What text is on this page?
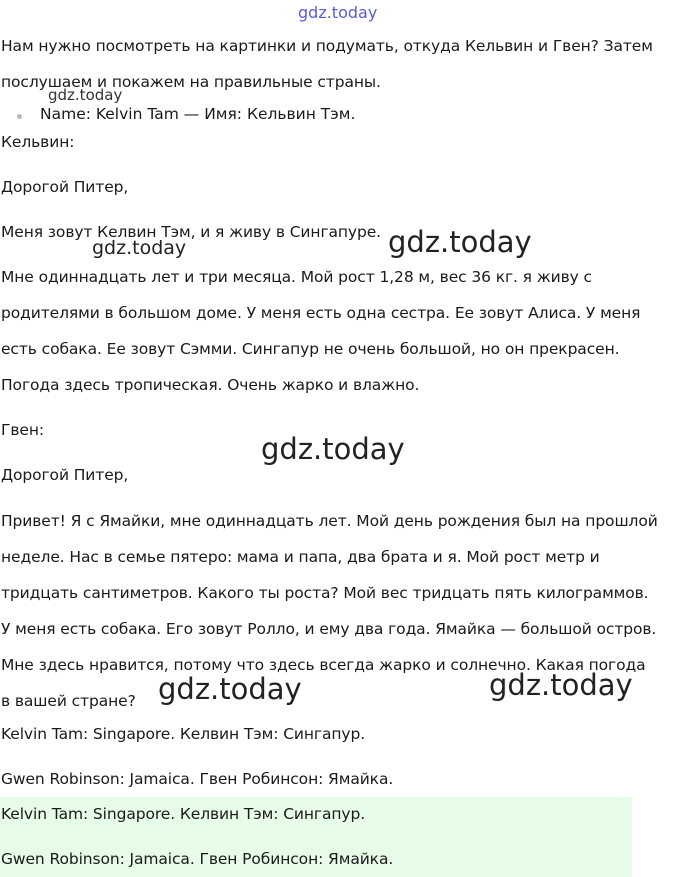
gdz.today
Нам нужно посмотреть на картинки и подумать, откуда Кельвин и Гвен? Затем
послушаем и покажем на правильные страны.
gdz.today
Name: Kelvin Tam — Имя: Кельвин Тэм.
Кельвин:
Дорогой Питер,
Меня зовут Келвин Тэм, и я живу в Сингапуре. gdz.today
gdz.today
Мне одиннадцать лет и три месяца. Мой рост 1,28 м, вес 36 кг. я живу с
родителями в большом доме. У меня есть одна сестра. Ее зовут Алиса. У меня
есть собака. Ее зовут Сэмми. Сингапур не очень большой, но он прекрасен.
Погода здесь тропическая. Очень жарко и влажно.
Гвен:
gdz.today
Дорогой Питер,
Привет! Я с Ямайки, мне одиннадцать лет. Мой день рождения был на прошлой
неделе. Нас в семье пятеро: мама и папа, два брата и я. Мой рост метр и
тридцать сантиметров. Какого ты роста? Мой вес тридцать пять килограммов.
У меня есть собака. Его зовут Ролло, и ему два года. Ямайка — большой остров.
Мне здесь нравится, потому что здесь всегда жарко и солнечно. Какая погода
в вашей стране? gdz.today	gdz.today
Kelvin Tam: Singapore. Келвин Тэм: Сингапур.
Gwen Robinson: Jamaica. Гвен Робинсон: Ямайка.
Kelvin Tam: Singapore. Келвин Тэм: Сингапур.
Gwen Robinson: Jamaica. Гвен Робинсон: Ямайка.
